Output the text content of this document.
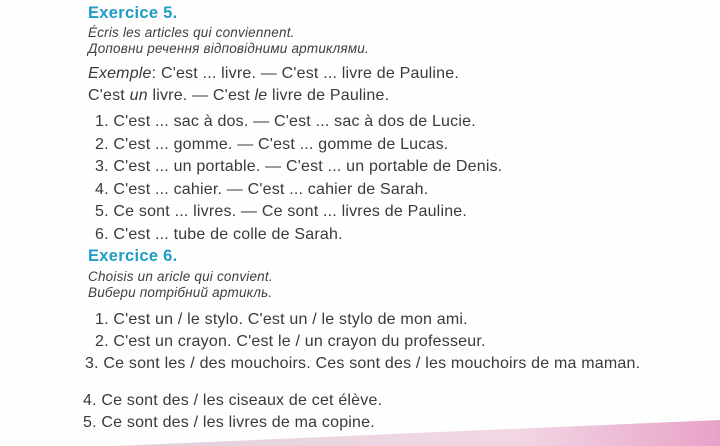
Exercice 5.
Écris les articles qui conviennent.
Доповни речення відповідними артиклями.
Exemple: C'est ... livre. — C'est ... livre de Pauline.
C'est un livre. — C'est le livre de Pauline.
1. C'est ... sac à dos. — C'est ... sac à dos de Lucie.
2. C'est ... gomme. — C'est ... gomme de Lucas.
3. C'est ... un portable. — C'est ... un portable de Denis.
4. C'est ... cahier. — C'est ... cahier de Sarah.
5. Ce sont ... livres. — Ce sont ... livres de Pauline.
6. C'est ... tube de colle de Sarah.
Exercice 6.
Choisis un aricle qui convient.
Вибери потрібний артикль.
1. C'est un / le stylo. C'est un / le stylo de mon ami.
2. C'est un crayon. C'est le / un crayon du professeur.
3. Ce sont les / des mouchoirs. Ces sont des / les mouchoirs de ma maman.
4. Ce sont des / les ciseaux de cet élève.
5. Ce sont des / les livres de ma copine.
